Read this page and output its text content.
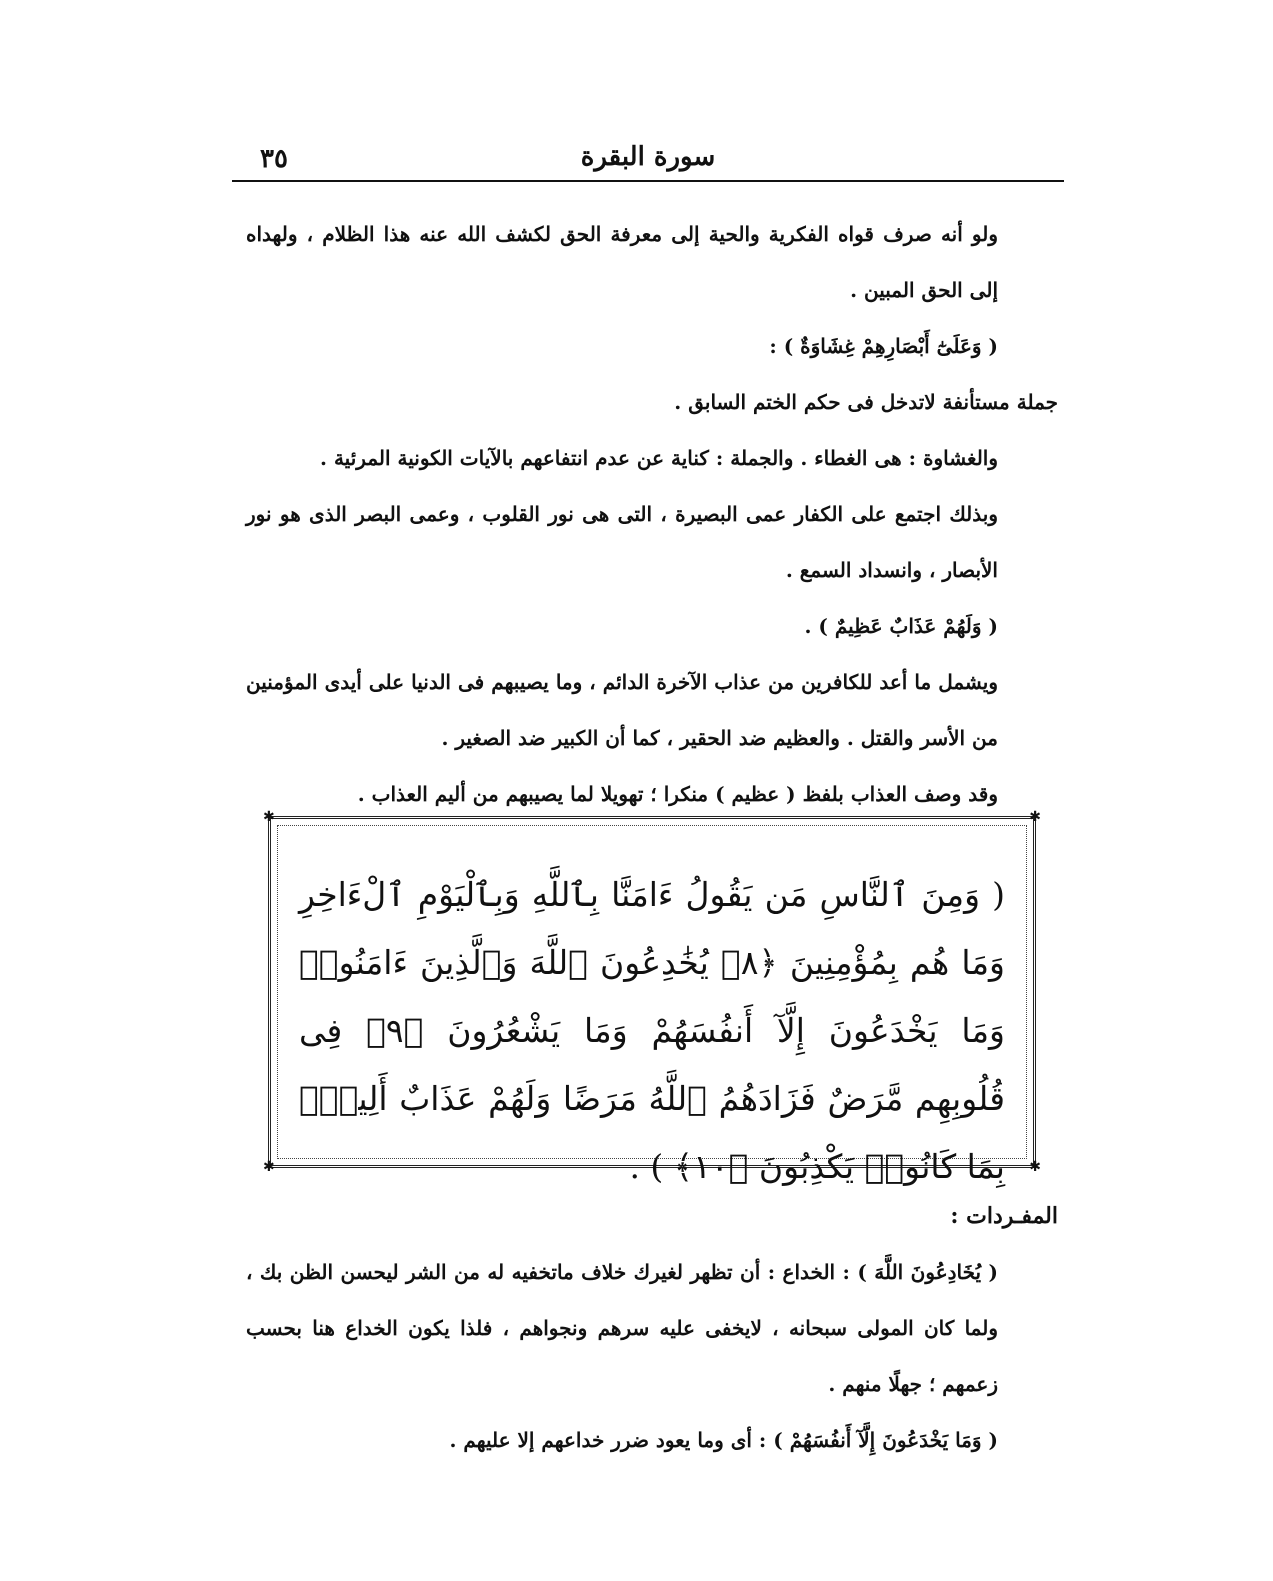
٣٥	سورة البقرة

ولو أنه صرف قواه الفكرية والحية إلى معرفة الحق لكشف الله عنه هذا الظلام ، ولهداه إلى الحق المبين .

( وَعَلَىٰٓ أَبْصَارِهِمْ غِشَاوَةٌ ) :

جملة مستأنفة لاتدخل فى حكم الختم السابق .

والغشاوة : هى الغطاء . والجملة : كناية عن عدم انتفاعهم بالآيات الكونية المرئية .

وبذلك اجتمع على الكفار عمى البصيرة ، التى هى نور القلوب ، وعمى البصر الذى هو نور الأبصار ، وانسداد السمع .

( وَلَهُمْ عَذَابٌ عَظِيمٌ ) .

ويشمل ما أعد للكافرين من عذاب الآخرة الدائم ، وما يصيبهم فى الدنيا على أيدى المؤمنين من الأسر والقتل . والعظيم ضد الحقير ، كما أن الكبير ضد الصغير .

وقد وصف العذاب بلفظ ( عظيم ) منكرا ؛ تهويلا لما يصيبهم من أليم العذاب .

✱	✱
✱	✱
( وَمِنَ ٱلنَّاسِ مَن يَقُولُ ءَامَنَّا بِٱللَّهِ وَبِٱلْيَوْمِ ٱلْءَاخِرِ وَمَا هُم بِمُؤْمِنِينَ ﴿٨﴾ يُخَٰدِعُونَ ٱللَّهَ وَٱلَّذِينَ ءَامَنُوا۟ وَمَا يَخْدَعُونَ إِلَّآ أَنفُسَهُمْ وَمَا يَشْعُرُونَ ﴿٩﴾ فِى قُلُوبِهِم مَّرَضٌ فَزَادَهُمُ ٱللَّهُ مَرَضًا وَلَهُمْ عَذَابٌ أَلِيمٌۢ بِمَا كَانُوا۟ يَكْذِبُونَ ﴿١٠﴾ ) .

المفـردات :

( يُخَادِعُونَ اللَّهَ ) : الخداع : أن تظهر لغيرك خلاف ماتخفيه له من الشر ليحسن الظن بك ، ولما كان المولى سبحانه ، لايخفى عليه سرهم ونجواهم ، فلذا يكون الخداع هنا بحسب زعمهم ؛ جهلًا منهم .

( وَمَا يَخْدَعُونَ إِلَّآ أَنفُسَهُمْ ) : أى وما يعود ضرر خداعهم إلا عليهم .
